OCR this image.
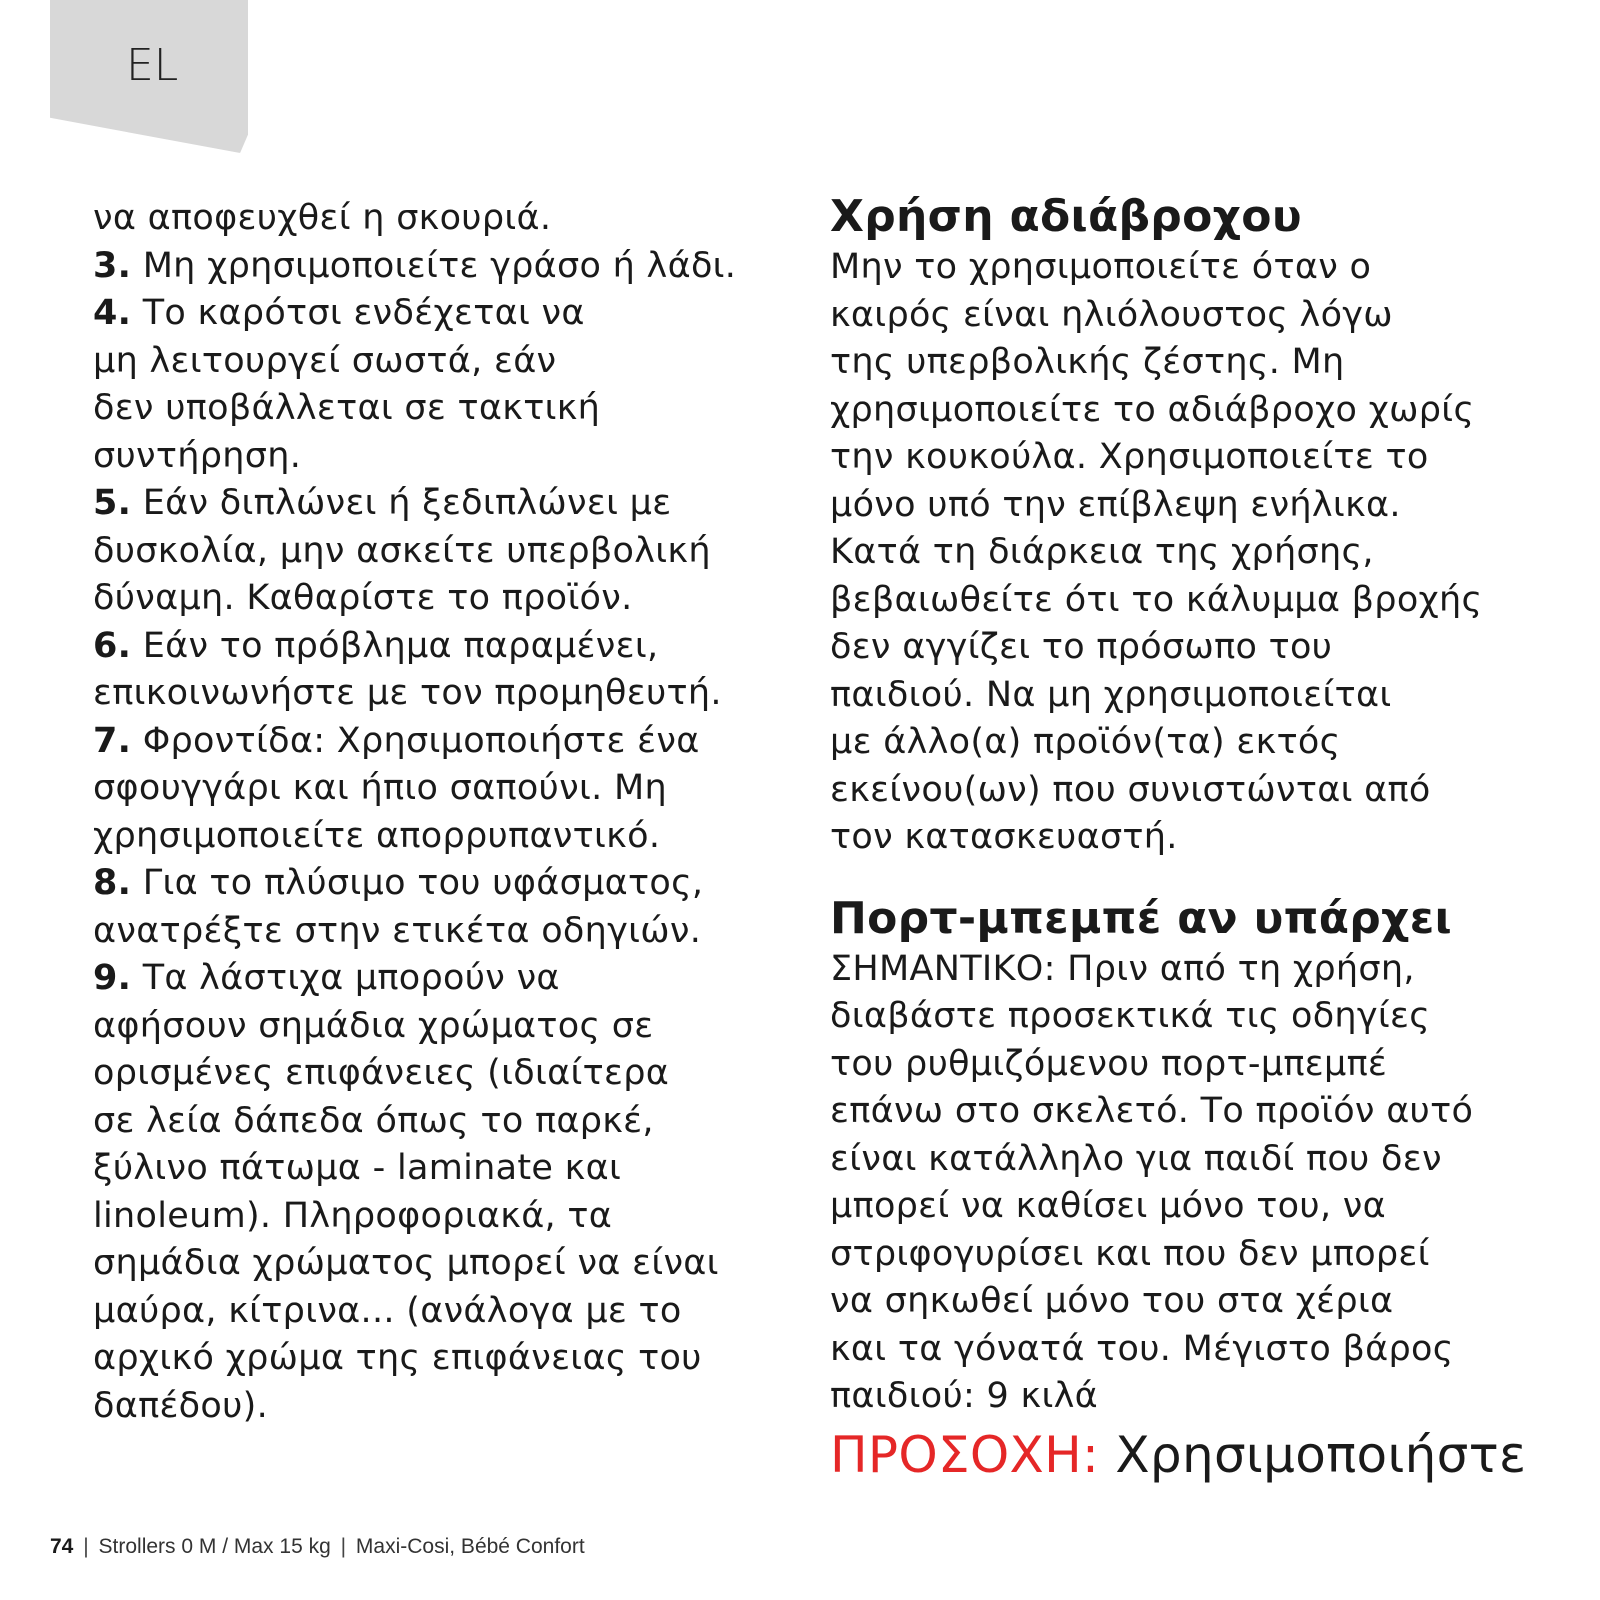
EL
να αποφευχθεί η σκουριά.
3. Μη χρησιμοποιείτε γράσο ή λάδι.
4. Το καρότσι ενδέχεται να
μη λειτουργεί σωστά, εάν
δεν υποβάλλεται σε τακτική
συντήρηση.
5. Εάν διπλώνει ή ξεδιπλώνει με
δυσκολία, μην ασκείτε υπερβολική
δύναμη. Καθαρίστε το προϊόν.
6. Εάν το πρόβλημα παραμένει,
επικοινωνήστε με τον προμηθευτή.
7. Φροντίδα: Χρησιμοποιήστε ένα
σφουγγάρι και ήπιο σαπούνι. Μη
χρησιμοποιείτε απορρυπαντικό.
8. Για το πλύσιμο του υφάσματος,
ανατρέξτε στην ετικέτα οδηγιών.
9. Τα λάστιχα μπορούν να
αφήσουν σημάδια χρώματος σε
ορισμένες επιφάνειες (ιδιαίτερα
σε λεία δάπεδα όπως το παρκέ,
ξύλινο πάτωμα - laminate και
linoleum). Πληροφοριακά, τα
σημάδια χρώματος μπορεί να είναι
μαύρα, κίτρινα... (ανάλογα με το
αρχικό χρώμα της επιφάνειας του
δαπέδου).
Χρήση αδιάβροχου
Μην το χρησιμοποιείτε όταν ο
καιρός είναι ηλιόλουστος λόγω
της υπερβολικής ζέστης. Μη
χρησιμοποιείτε το αδιάβροχο χωρίς
την κουκούλα. Χρησιμοποιείτε το
μόνο υπό την επίβλεψη ενήλικα.
Κατά τη διάρκεια της χρήσης,
βεβαιωθείτε ότι το κάλυμμα βροχής
δεν αγγίζει το πρόσωπο του
παιδιού. Να μη χρησιμοποιείται
με άλλο(α) προϊόν(τα) εκτός
εκείνου(ων) που συνιστώνται από
τον κατασκευαστή.
Πορτ-μπεμπέ αν υπάρχει
ΣΗΜΑΝΤΙΚΟ: Πριν από τη χρήση,
διαβάστε προσεκτικά τις οδηγίες
του ρυθμιζόμενου πορτ-μπεμπέ
επάνω στο σκελετό. Το προϊόν αυτό
είναι κατάλληλο για παιδί που δεν
μπορεί να καθίσει μόνο του, να
στριφογυρίσει και που δεν μπορεί
να σηκωθεί μόνο του στα χέρια
και τα γόνατά του. Μέγιστο βάρος
παιδιού: 9 κιλά
ΠΡΟΣΟΧΗ: Χρησιμοποιήστε
74 | Strollers 0 M / Max 15 kg | Maxi-Cosi, Bébé Confort
